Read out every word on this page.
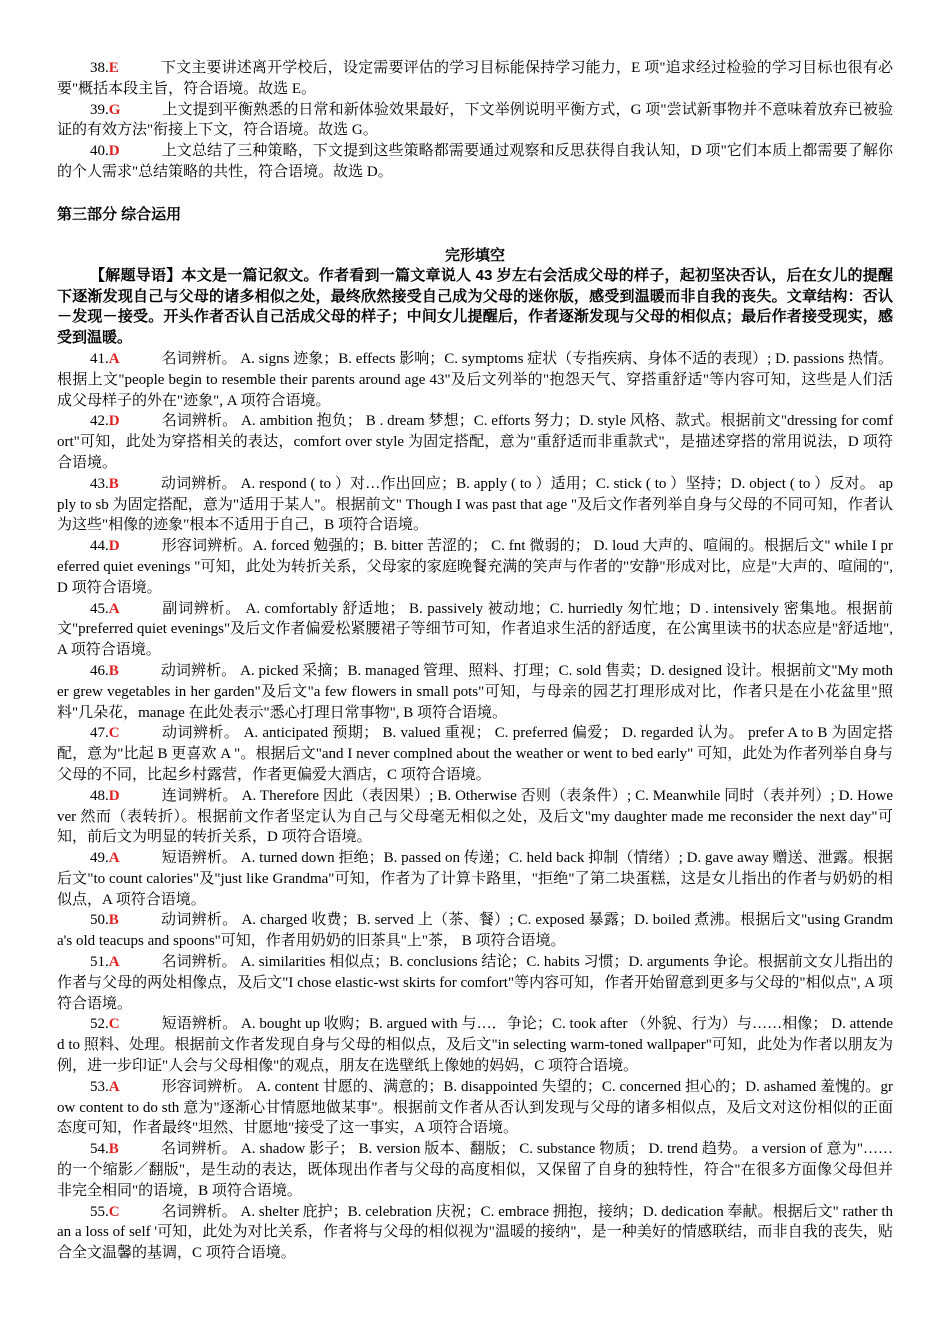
38.E	下文主要讲述离开学校后，设定需要评估的学习目标能保持学习能力，E 项"追求经过检验的学习目标也很有必要"概括本段主旨，符合语境。故选 E。

39.G	上文提到平衡熟悉的日常和新体验效果最好，下文举例说明平衡方式，G 项"尝试新事物并不意味着放弃已被验证的有效方法"衔接上下文，符合语境。故选 G。

40.D	上文总结了三种策略，下文提到这些策略都需要通过观察和反思获得自我认知，D 项"它们本质上都需要了解你的个人需求"总结策略的共性，符合语境。故选 D。

第三部分 综合运用
完形填空

【解题导语】本文是一篇记叙文。作者看到一篇文章说人 43 岁左右会活成父母的样子，起初坚决否认，后在女儿的提醒下逐渐发现自己与父母的诸多相似之处，最终欣然接受自己成为父母的迷你版，感受到温暖而非自我的丧失。文章结构：否认－发现－接受。开头作者否认自己活成父母的样子；中间女儿提醒后，作者逐渐发现与父母的相似点；最后作者接受现实，感受到温暖。

41.A	名词辨析。 A. signs 迹象；B. effects 影响；C. symptoms 症状（专指疾病、身体不适的表现）; D. passions 热情。根据上文"people begin to resemble their parents around age 43"及后文列举的"抱怨天气、穿搭重舒适"等内容可知，这些是人们活成父母样子的外在"迹象", A 项符合语境。

42.D	名词辨析。 A. ambition 抱负； B . dream 梦想；C. efforts 努力；D. style 风格、款式。根据前文"dressing for comfort"可知，此处为穿搭相关的表达，comfort over style 为固定搭配，意为"重舒适而非重款式"，是描述穿搭的常用说法，D 项符合语境。

43.B	动词辨析。 A. respond ( to ）对…作出回应；B. apply ( to ）适用；C. stick ( to ）坚持；D. object ( to ）反对。 apply to sb 为固定搭配，意为"适用于某人"。根据前文" Though I was past that age "及后文作者列举自身与父母的不同可知，作者认为这些"相像的迹象"根本不适用于自己，B 项符合语境。

44.D	形容词辨析。A. forced 勉强的；B. bitter 苦涩的； C. fnt 微弱的； D. loud 大声的、喧闹的。根据后文" while I preferred quiet evenings "可知，此处为转折关系，父母家的家庭晚餐充满的笑声与作者的"安静"形成对比，应是"大声的、喧闹的", D 项符合语境。

45.A	副词辨析。 A. comfortably 舒适地； B. passively 被动地；C. hurriedly 匆忙地；D . intensively 密集地。根据前文"preferred quiet evenings"及后文作者偏爱松紧腰裙子等细节可知，作者追求生活的舒适度，在公寓里读书的状态应是"舒适地", A 项符合语境。

46.B	动词辨析。 A. picked 采摘；B. managed 管理、照料、打理；C. sold 售卖；D. designed 设计。根据前文"My mother grew vegetables in her garden"及后文"a few flowers in small pots"可知，与母亲的园艺打理形成对比，作者只是在小花盆里"照料"几朵花，manage 在此处表示"悉心打理日常事物", B 项符合语境。

47.C	动词辨析。 A. anticipated 预期； B. valued 重视； C. preferred 偏爱； D. regarded 认为。 prefer A to B 为固定搭配，意为"比起 B 更喜欢 A "。根据后文"and I never complned about the weather or went to bed early" 可知，此处为作者列举自身与父母的不同，比起乡村露营，作者更偏爱大酒店，C 项符合语境。

48.D	连词辨析。 A. Therefore 因此（表因果）; B. Otherwise 否则（表条件）; C. Meanwhile 同时（表并列）; D. However 然而（表转折）。根据前文作者坚定认为自己与父母毫无相似之处，及后文"my daughter made me reconsider the next day"可知，前后文为明显的转折关系，D 项符合语境。

49.A	短语辨析。 A. turned down 拒绝；B. passed on 传递；C. held back 抑制（情绪）; D. gave away 赠送、泄露。根据后文"to count calories"及"just like Grandma"可知，作者为了计算卡路里，"拒绝"了第二块蛋糕，这是女儿指出的作者与奶奶的相似点，A 项符合语境。

50.B	动词辨析。 A. charged 收费；B. served 上（茶、餐）; C. exposed 暴露；D. boiled 煮沸。根据后文"using Grandma's old teacups and spoons"可知，作者用奶奶的旧茶具"上"茶， B 项符合语境。

51.A	名词辨析。 A. similarities 相似点；B. conclusions 结论；C. habits 习惯；D. arguments 争论。根据前文女儿指出的作者与父母的两处相像点，及后文"I chose elastic-wst skirts for comfort"等内容可知，作者开始留意到更多与父母的"相似点", A 项符合语境。

52.C	短语辨析。 A. bought up 收购；B. argued with 与…．争论；C. took after （外貌、行为）与……相像； D. attended to 照料、处理。根据前文作者发现自身与父母的相似点，及后文"in selecting warm-toned wallpaper"可知，此处为作者以朋友为例，进一步印证"人会与父母相像"的观点，朋友在选壁纸上像她的妈妈，C 项符合语境。

53.A	形容词辨析。 A. content 甘愿的、满意的；B. disappointed 失望的；C. concerned 担心的；D. ashamed 羞愧的。grow content to do sth 意为"逐渐心甘情愿地做某事"。根据前文作者从否认到发现与父母的诸多相似点，及后文对这份相似的正面态度可知，作者最终"坦然、甘愿地"接受了这一事实，A 项符合语境。

54.B	名词辨析。 A. shadow 影子； B. version 版本、翻版； C. substance 物质； D. trend 趋势。 a version of 意为"……的一个缩影／翻版"，是生动的表达，既体现出作者与父母的高度相似，又保留了自身的独特性，符合"在很多方面像父母但并非完全相同"的语境，B 项符合语境。

55.C	名词辨析。 A. shelter 庇护；B. celebration 庆祝；C. embrace 拥抱，接纳；D. dedication 奉献。根据后文" rather than a loss of self '可知，此处为对比关系，作者将与父母的相似视为"温暖的接纳"，是一种美好的情感联结，而非自我的丧失，贴合全文温馨的基调，C 项符合语境。
